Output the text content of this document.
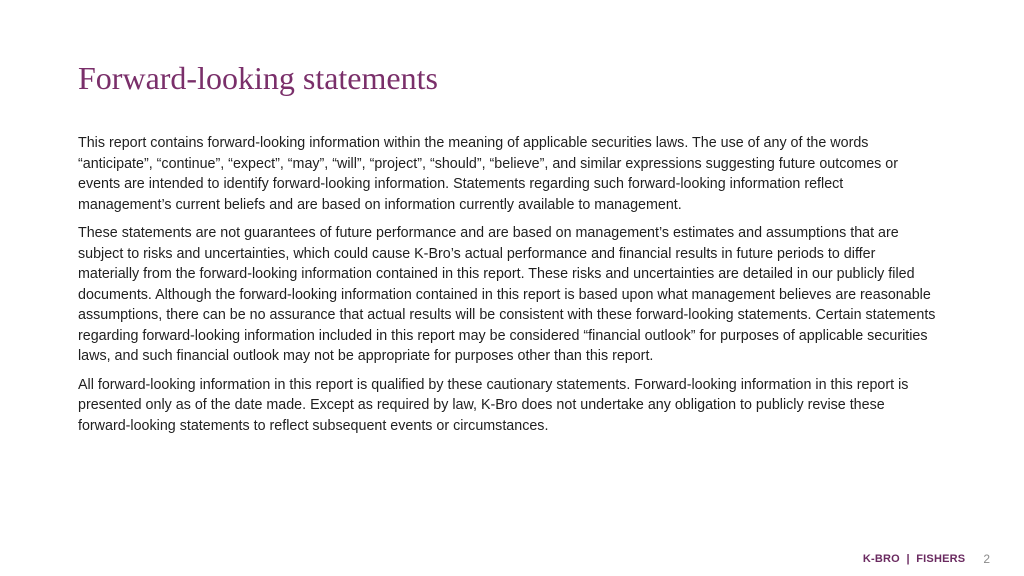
Forward-looking statements

This report contains forward-looking information within the meaning of applicable securities laws. The use of any of the words “anticipate”, “continue”, “expect”, “may”, “will”, “project”, “should”, “believe”, and similar expressions suggesting future outcomes or events are intended to identify forward-looking information. Statements regarding such forward-looking information reflect management’s current beliefs and are based on information currently available to management.

These statements are not guarantees of future performance and are based on management’s estimates and assumptions that are subject to risks and uncertainties, which could cause K-Bro’s actual performance and financial results in future periods to differ materially from the forward-looking information contained in this report. These risks and uncertainties are detailed in our publicly filed documents. Although the forward-looking information contained in this report is based upon what management believes are reasonable assumptions, there can be no assurance that actual results will be consistent with these forward-looking statements. Certain statements regarding forward-looking information included in this report may be considered “financial outlook” for purposes of applicable securities laws, and such financial outlook may not be appropriate for purposes other than this report.

All forward-looking information in this report is qualified by these cautionary statements. Forward-looking information in this report is presented only as of the date made. Except as required by law, K-Bro does not undertake any obligation to publicly revise these forward-looking statements to reflect subsequent events or circumstances.

K-BRO  |  FISHERS 2
